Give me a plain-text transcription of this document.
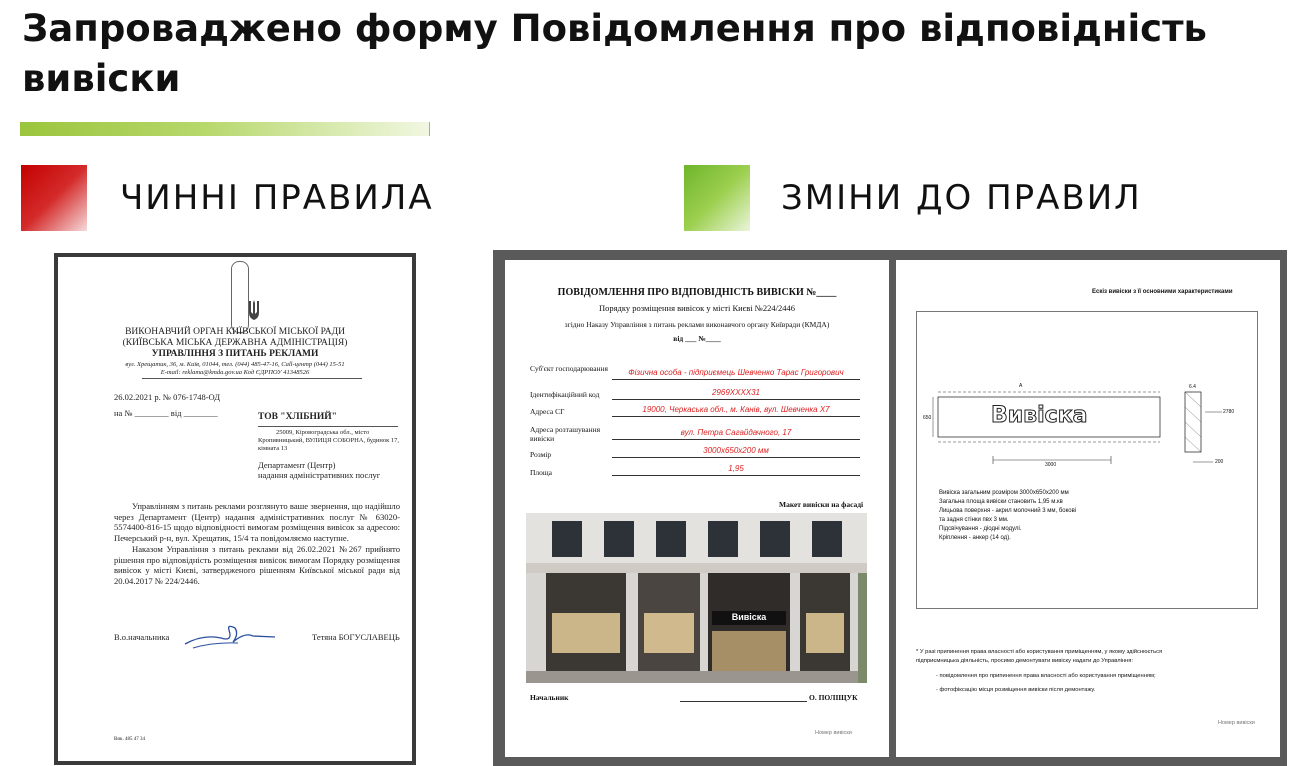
Запроваджено форму Повідомлення про відповідність вивіски
ЧИННІ ПРАВИЛА	ЗМІНИ ДО ПРАВИЛ
ВИКОНАВЧИЙ ОРГАН КИЇВСЬКОЇ МІСЬКОЇ РАДИ
(КИЇВСЬКА МІСЬКА ДЕРЖАВНА АДМІНІСТРАЦІЯ)
УПРАВЛІННЯ З ПИТАНЬ РЕКЛАМИ
вул. Хрещатик, 36, м. Київ, 01044, тел. (044) 485-47-16, Call-центр (044) 15-51
E-mail: reklama@kmda.gov.ua Код ЄДРПОУ 41348526
26.02.2021 р. № 076-1748-ОД
на № ________ від ________	ТОВ "ХЛІБНИЙ"
25009, Кіровоградська обл., місто
Кропивницький, ВУЛИЦЯ СОБОРНА, будинок 17,
кімната 13
Департамент (Центр)
надання адміністративних послуг
Управлінням з питань реклами розглянуто ваше звернення, що надійшло через Департамент (Центр) надання адміністративних послуг № 63020-5574400-816-15 щодо відповідності вимогам розміщення вивісок за адресою: Печерський р-н, вул. Хрещатик, 15/4 та повідомляємо наступне.
Наказом Управління з питань реклами від 26.02.2021 №267 прийнято рішення про відповідність розміщення вивісок вимогам Порядку розміщення вивісок у місті Києві, затвердженого рішенням Київської міської ради від 20.04.2017 № 224/2446.
В.о.начальника	Тетяна БОГУСЛАВЕЦЬ
Вик. 485 47 34
ПОВІДОМЛЕННЯ ПРО ВІДПОВІДНІСТЬ ВИВІСКИ №____
Порядку розміщення вивісок у місті Києві №224/2446
згідно Наказу Управління з питань реклами виконавчого органу Київради (КМДА)
від ___ №____
Суб'єкт господарювання	Фізична особа - підприємець Шевченко Тарас Григорович
Ідентифікаційний код	2969XXXX31
Адреса СГ	19000, Черкаська обл., м. Канів, вул. Шевченка Х7
Адреса розташування вивіски
вул. Петра Сагайдачного, 17
Розмір	3000х650х200 мм
Площа	1,95
Макет вивіски на фасаді
Вивіска
Начальник	О. ПОЛІЩУК
Номер вивіски
Ескіз вивіски з її основними характеристиками
Вивіска
A
650
3000
6.4
2780
200
Вивіска загальним розміром 3000х650х200 мм
Загальна площа вивіски становить 1,95 м.кв
Лицьова поверхня - акрил молочний 3 мм, бокові
та задня стінки пвх 3 мм.
Підсвічування - діодні модулі.
Кріплення - анкер (14 од).
* У разі припинення права власності або користування приміщенням, у якому здійснюється
підприємницька діяльність, просимо демонтувати вивіску надати до Управління:
- повідомлення про припинення права власності або користування приміщенням;
- фотофіксацію місця розміщення вивіски після демонтажу.
Номер вивіски
